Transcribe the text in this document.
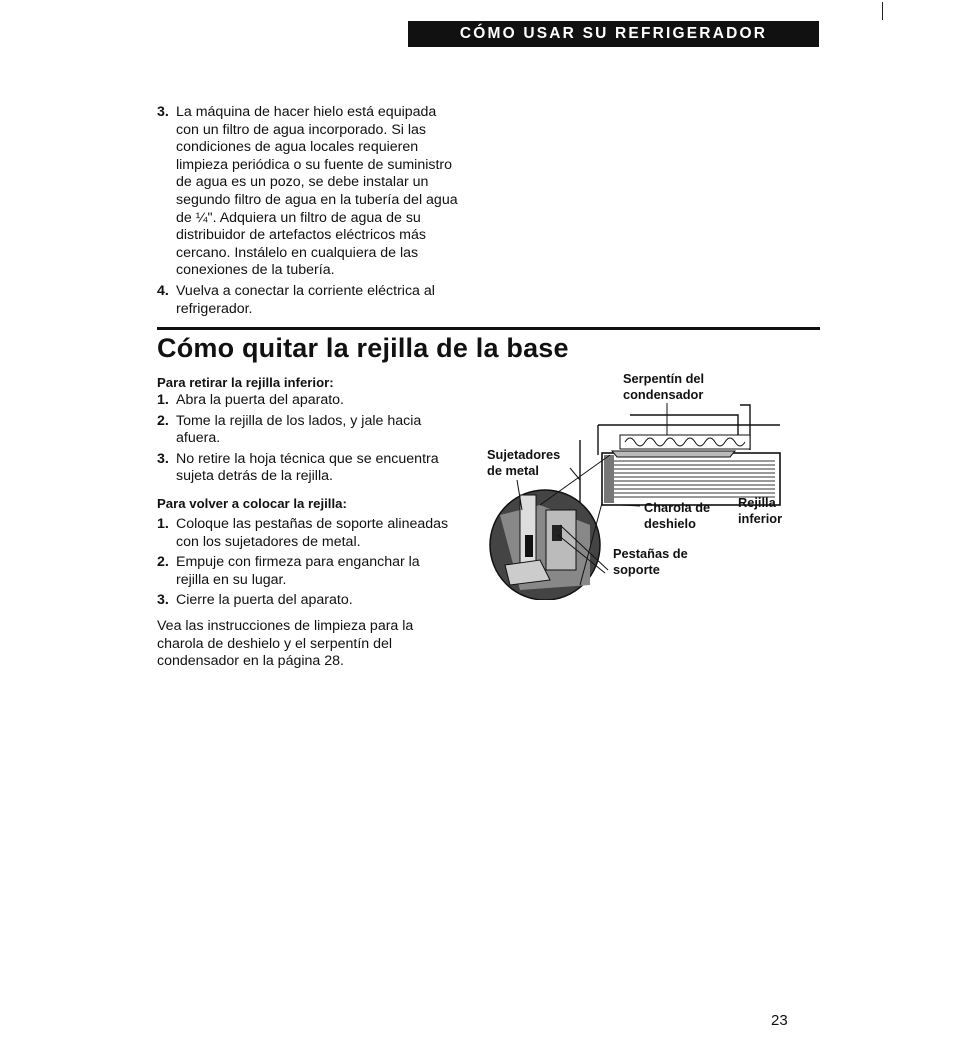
CÓMO USAR SU REFRIGERADOR
3. La máquina de hacer hielo está equipada con un filtro de agua incorporado. Si las condiciones de agua locales requieren limpieza periódica o su fuente de suministro de agua es un pozo, se debe instalar un segundo filtro de agua en la tubería del agua de ¼". Adquiera un filtro de agua de su distribuidor de artefactos eléctricos más cercano. Instálelo en cualquiera de las conexiones de la tubería.
4. Vuelva a conectar la corriente eléctrica al refrigerador.
Cómo quitar la rejilla de la base

Para retirar la rejilla inferior:

1. Abra la puerta del aparato.
2. Tome la rejilla de los lados, y jale hacia afuera.
3. No retire la hoja técnica que se encuentra sujeta detrás de la rejilla.

Para volver a colocar la rejilla:

1. Coloque las pestañas de soporte alineadas con los sujetadores de metal.
2. Empuje con firmeza para enganchar la rejilla en su lugar.
3. Cierre la puerta del aparato.

Vea las instrucciones de limpieza para la charola de deshielo y el serpentín del condensador en la página 28.

Serpentín del
condensador
Sujetadores
de metal
Charola de
deshielo
Rejilla
inferior
Pestañas de
soporte
23
